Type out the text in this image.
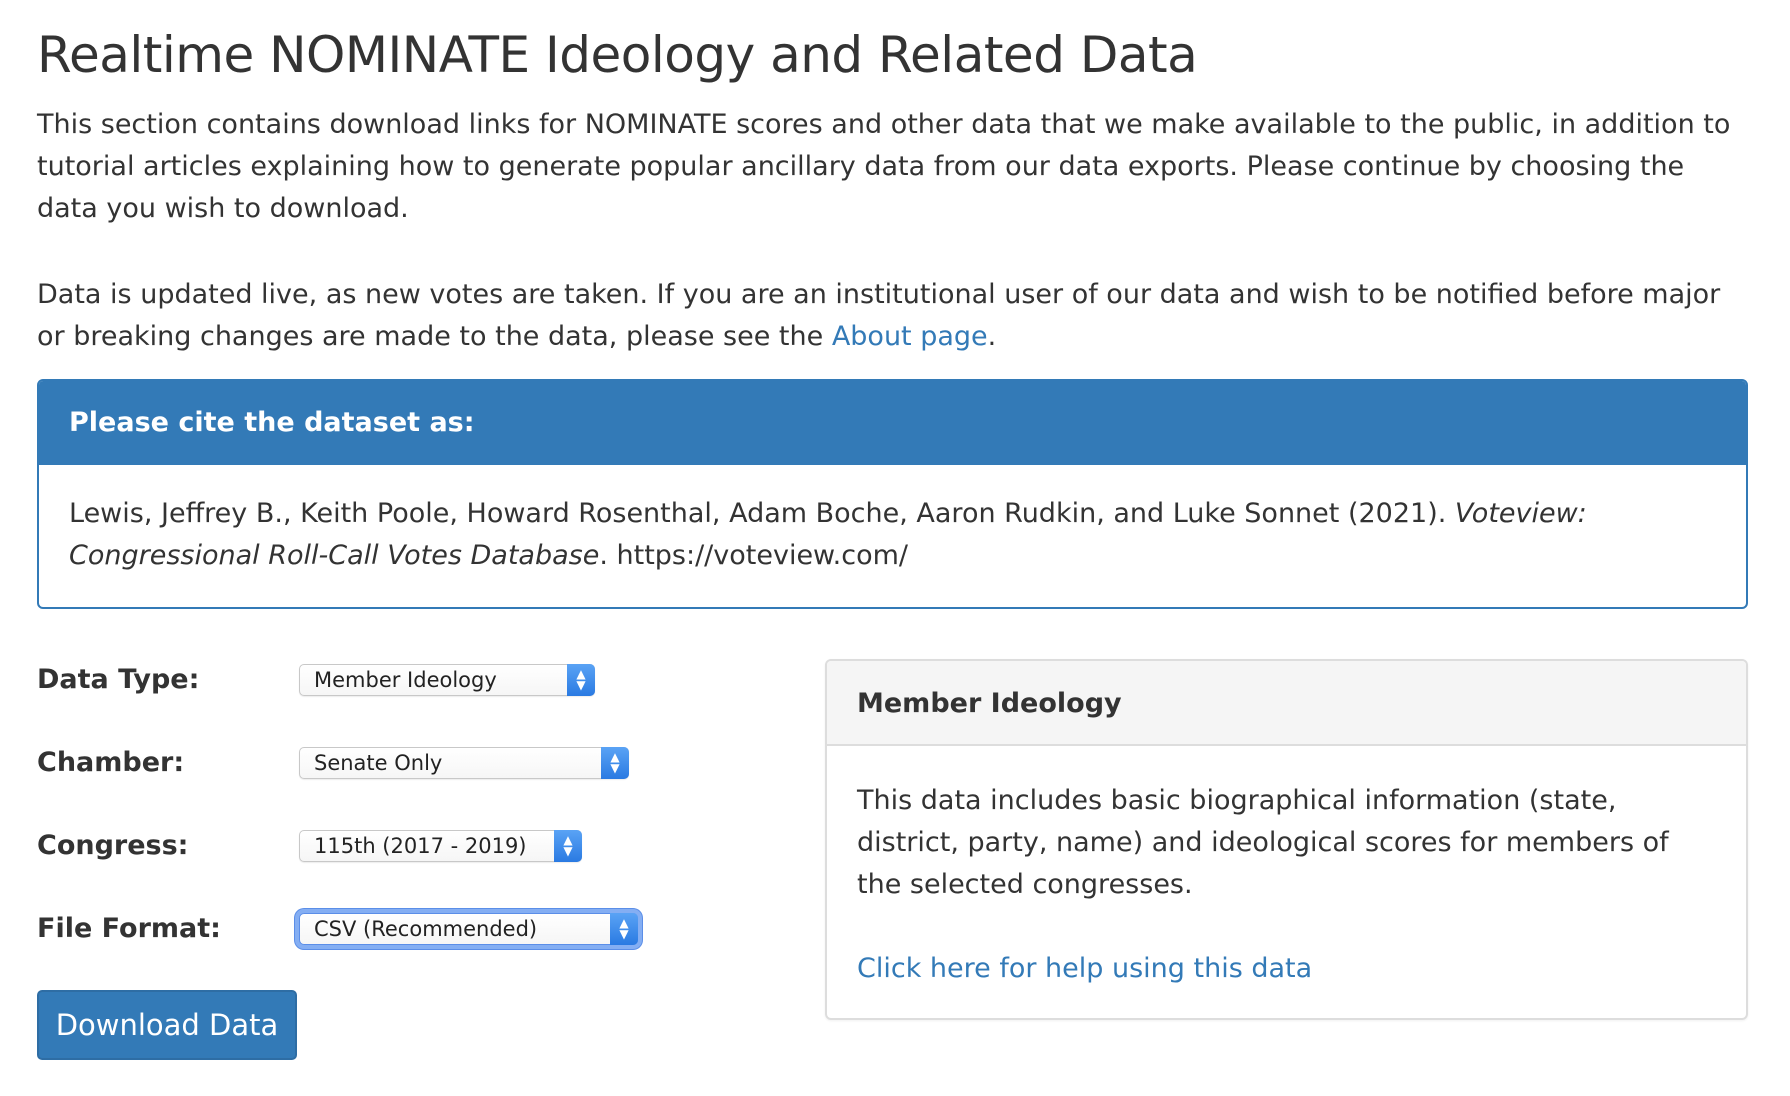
Realtime NOMINATE Ideology and Related Data

This section contains download links for NOMINATE scores and other data that we make available to the public, in addition to tutorial articles explaining how to generate popular ancillary data from our data exports. Please continue by choosing the data you wish to download.

Data is updated live, as new votes are taken. If you are an institutional user of our data and wish to be notified before major or breaking changes are made to the data, please see the About page.

Please cite the dataset as:
Lewis, Jeffrey B., Keith Poole, Howard Rosenthal, Adam Boche, Aaron Rudkin, and Luke Sonnet (2021). Voteview: Congressional Roll-Call Votes Database. https://voteview.com/
Data Type:	Member Ideology	▲
▼
Chamber:	Senate Only	▲
▼
Congress:	115th (2017 - 2019)	▲
▼
File Format:	CSV (Recommended)	▲
▼
Download Data
Member Ideology

This data includes basic biographical information (state, district, party, name) and ideological scores for members of the selected congresses.

Click here for help using this data
